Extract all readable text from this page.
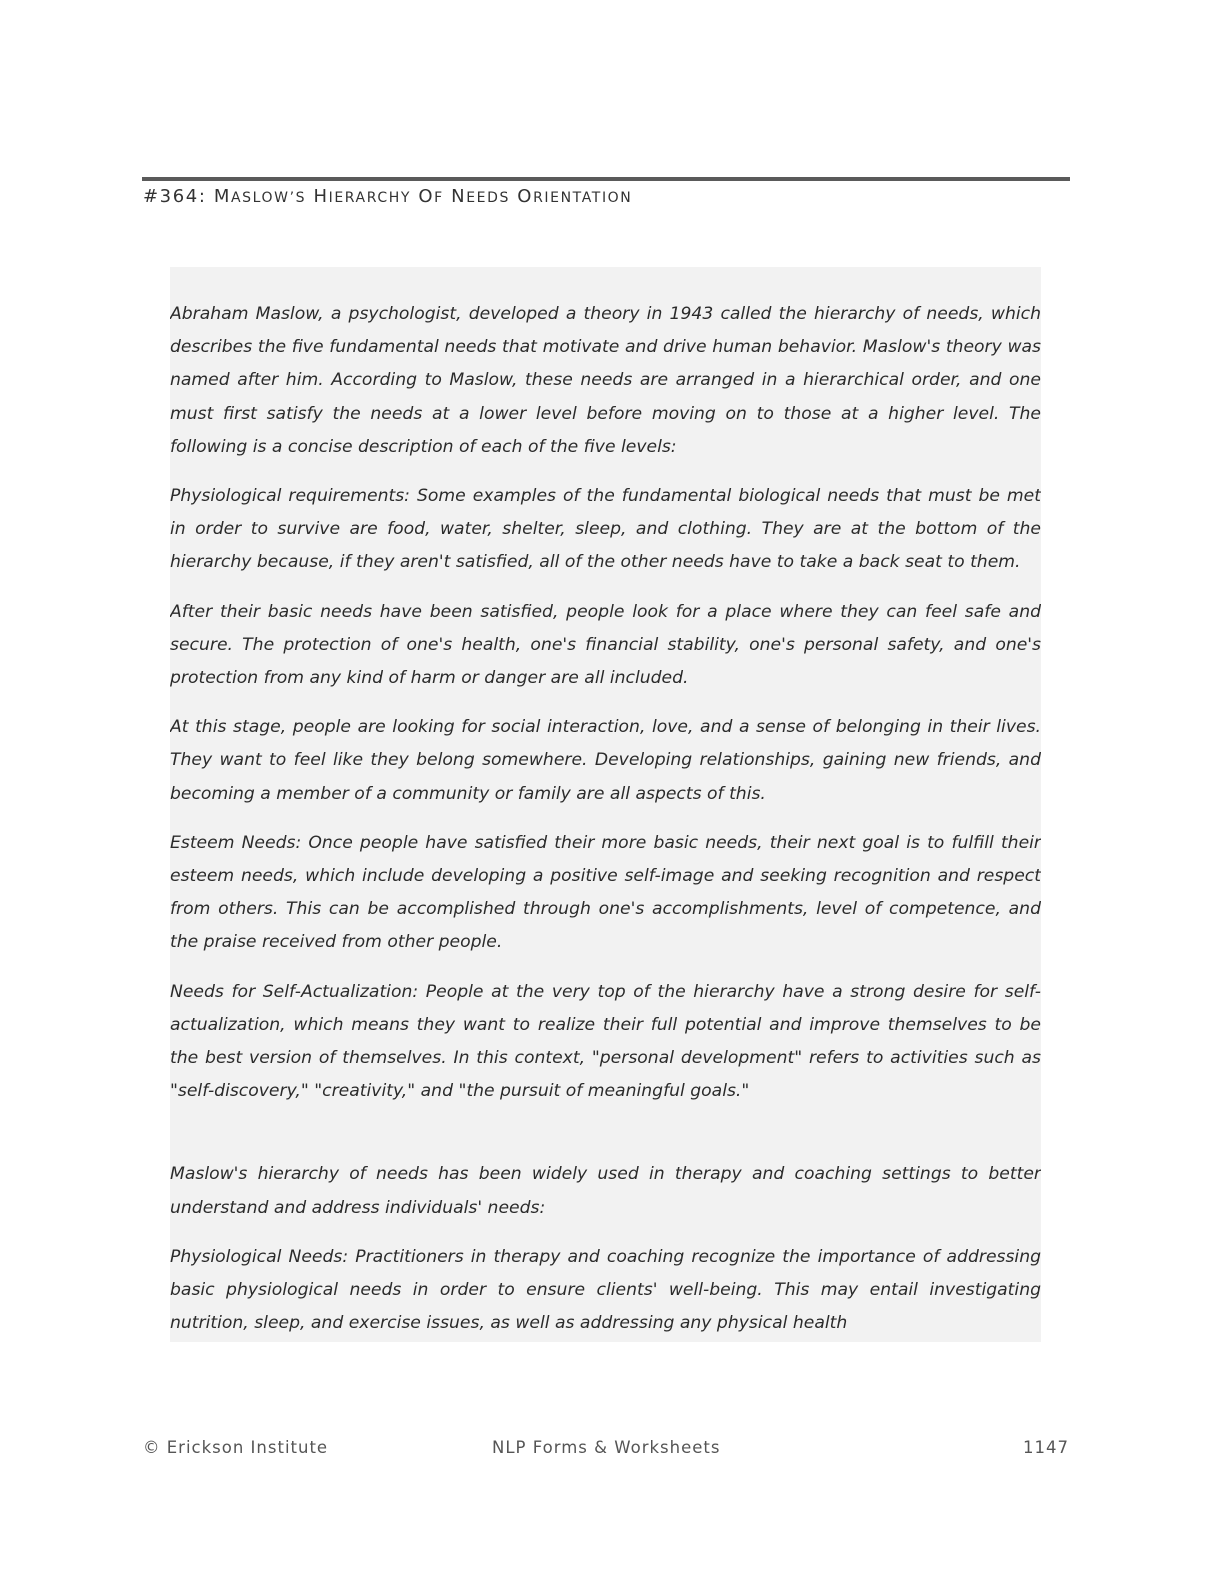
#364: MASLOW’S HIERARCHY OF NEEDS ORIENTATION

Abraham Maslow, a psychologist, developed a theory in 1943 called the hierarchy of needs, which describes the five fundamental needs that motivate and drive human behavior. Maslow's theory was named after him. According to Maslow, these needs are arranged in a hierarchical order, and one must first satisfy the needs at a lower level before moving on to those at a higher level. The following is a concise description of each of the five levels:

Physiological requirements: Some examples of the fundamental biological needs that must be met in order to survive are food, water, shelter, sleep, and clothing. They are at the bottom of the hierarchy because, if they aren't satisfied, all of the other needs have to take a back seat to them.

After their basic needs have been satisfied, people look for a place where they can feel safe and secure. The protection of one's health, one's financial stability, one's personal safety, and one's protection from any kind of harm or danger are all included.

At this stage, people are looking for social interaction, love, and a sense of belonging in their lives. They want to feel like they belong somewhere. Developing relationships, gaining new friends, and becoming a member of a community or family are all aspects of this.

Esteem Needs: Once people have satisfied their more basic needs, their next goal is to fulfill their esteem needs, which include developing a positive self-image and seeking recognition and respect from others. This can be accomplished through one's accomplishments, level of competence, and the praise received from other people.

Needs for Self-Actualization: People at the very top of the hierarchy have a strong desire for self-actualization, which means they want to realize their full potential and improve themselves to be the best version of themselves. In this context, "personal development" refers to activities such as "self-discovery," "creativity," and "the pursuit of meaningful goals."

Maslow's hierarchy of needs has been widely used in therapy and coaching settings to better understand and address individuals' needs:

Physiological Needs: Practitioners in therapy and coaching recognize the importance of addressing basic physiological needs in order to ensure clients' well-being. This may entail investigating nutrition, sleep, and exercise issues, as well as addressing any physical health

© Erickson Institute	NLP Forms & Worksheets	1147
